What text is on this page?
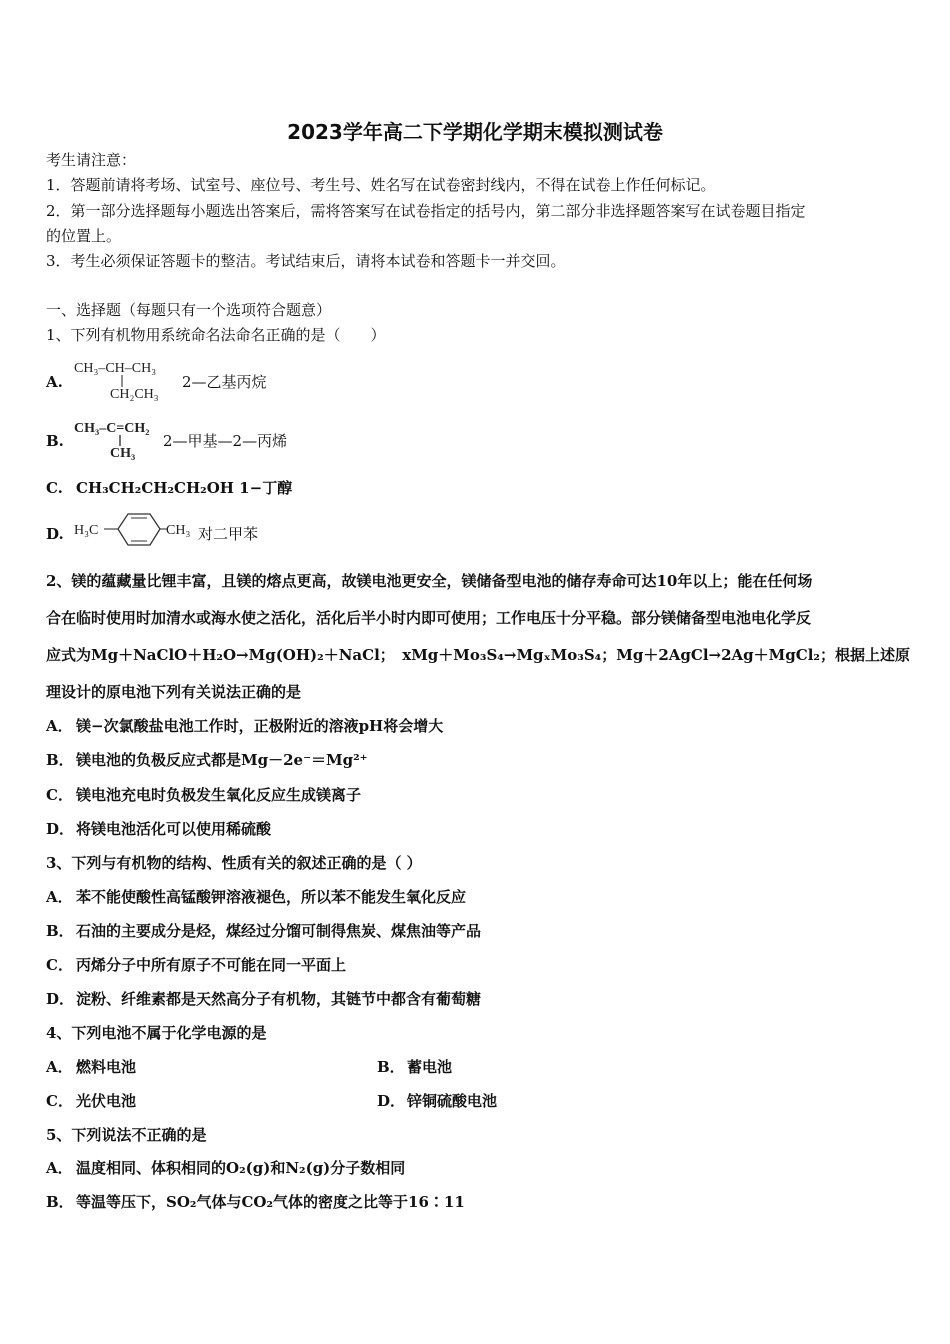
2023学年高二下学期化学期末模拟测试卷
考生请注意：
1．答题前请将考场、试室号、座位号、考生号、姓名写在试卷密封线内，不得在试卷上作任何标记。
2．第一部分选择题每小题选出答案后，需将答案写在试卷指定的括号内，第二部分非选择题答案写在试卷题目指定
的位置上。
3．考生必须保证答题卡的整洁。考试结束后，请将本试卷和答题卡一并交回。
一、选择题（每题只有一个选项符合题意）
1、下列有机物用系统命名法命名正确的是（　　）
A.
CH₃–CH–CH₃
CH₂CH₃
2—乙基丙烷
B.
CH₃–C=CH₂
CH₃
2—甲基—2—丙烯
C. CH₃CH₂CH₂CH₂OH 1−丁醇
D. H₃C	CH₃ 对二甲苯
2、镁的蕴藏量比锂丰富，且镁的熔点更高，故镁电池更安全，镁储备型电池的储存寿命可达10年以上；能在任何场
合在临时使用时加清水或海水使之活化，活化后半小时内即可使用；工作电压十分平稳。部分镁储备型电池电化学反
应式为Mg＋NaClO＋H₂O→Mg(OH)₂＋NaCl；　xMg＋Mo₃S₄→MgₓMo₃S₄；Mg＋2AgCl→2Ag＋MgCl₂；根据上述原
理设计的原电池下列有关说法正确的是
A． 镁−次氯酸盐电池工作时，正极附近的溶液pH将会增大
B． 镁电池的负极反应式都是Mg－2e⁻＝Mg²⁺
C． 镁电池充电时负极发生氧化反应生成镁离子
D． 将镁电池活化可以使用稀硫酸
3、下列与有机物的结构、性质有关的叙述正确的是（ ）
A． 苯不能使酸性高锰酸钾溶液褪色，所以苯不能发生氧化反应
B． 石油的主要成分是烃，煤经过分馏可制得焦炭、煤焦油等产品
C． 丙烯分子中所有原子不可能在同一平面上
D． 淀粉、纤维素都是天然高分子有机物，其链节中都含有葡萄糖
4、下列电池不属于化学电源的是
A． 燃料电池	B． 蓄电池
C． 光伏电池	D． 锌铜硫酸电池
5、下列说法不正确的是
A． 温度相同、体积相同的O₂(g)和N₂(g)分子数相同
B． 等温等压下，SO₂气体与CO₂气体的密度之比等于16∶11
